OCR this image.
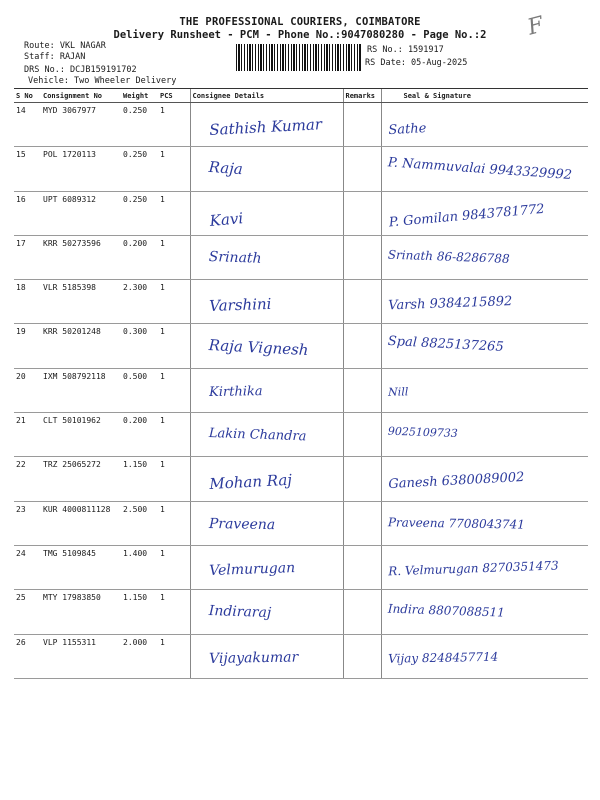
THE PROFESSIONAL COURIERS, COIMBATORE
Delivery Runsheet - PCM - Phone No.:9047080280 - Page No.:2	F
Route: VKL NAGAR
Staff: RAJAN
DRS No.: DCJB159191702
Vehicle: Two Wheeler Delivery
RS No.: 1591917
RS Date: 05-Aug-2025
S No	Consignment No	Weight	PCS	Consignee Details	Remarks	Seal & Signature
14	MYD 3067977	0.250	1	Sathish Kumar		Sathe

15	POL 1720113	0.250	1	Raja		P. Nammuvalai 9943329992

16	UPT 6089312	0.250	1	Kavi		P. Gomilan 9843781772

17	KRR 50273596	0.200	1	Srinath		Srinath 86-8286788

18	VLR 5185398	2.300	1	Varshini		Varsh 9384215892

19	KRR 50201248	0.300	1	Raja Vignesh		Spal 8825137265

20	IXM 508792118	0.500	1	Kirthika		Nill

21	CLT 50101962	0.200	1	Lakin Chandra		9025109733

22	TRZ 25065272	1.150	1	Mohan Raj		Ganesh 6380089002

23	KUR 4000811128	2.500	1	Praveena		Praveena 7708043741

24	TMG 5109845	1.400	1	Velmurugan		R. Velmurugan 8270351473

25	MTY 17983850	1.150	1	Indiraraj		Indira 8807088511

26	VLP 1155311	2.000	1	Vijayakumar		Vijay 8248457714
